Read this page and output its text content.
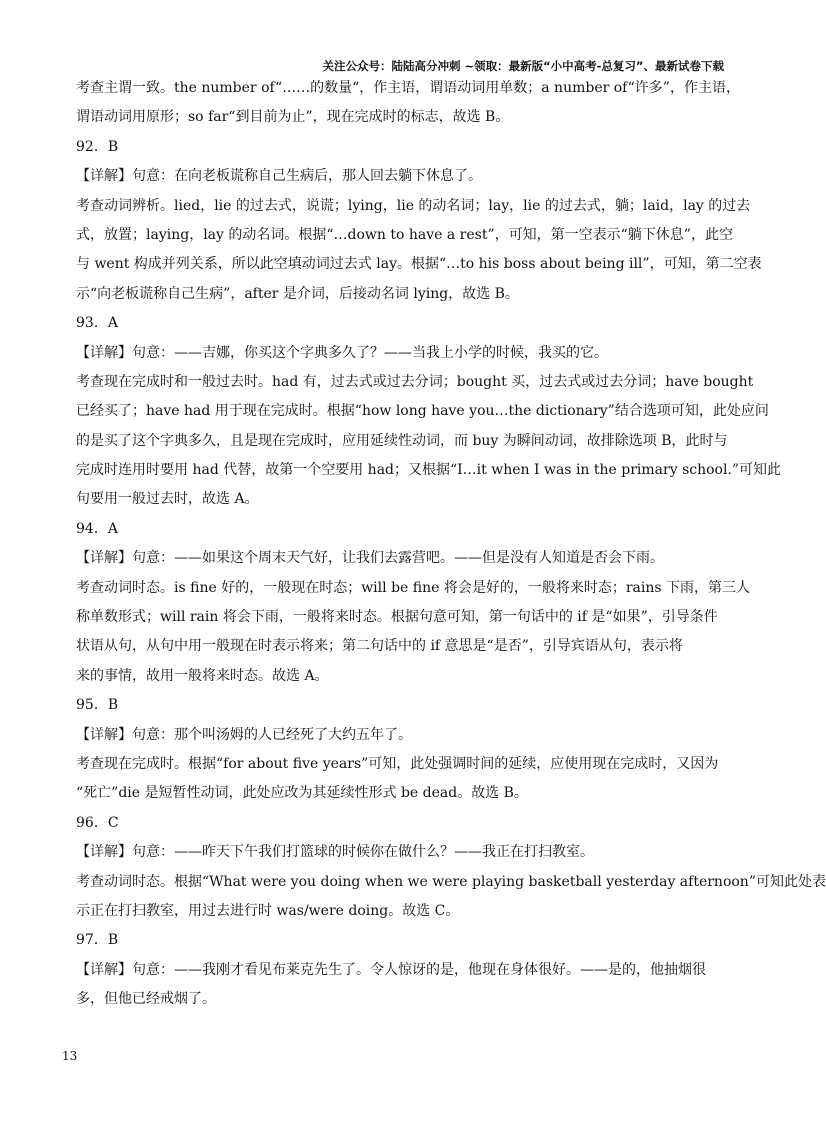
关注公众号：陆陆高分冲刺 ~领取：最新版“小中高考-总复习”、最新试卷下载
考查主谓一致。the number of“……的数量“，作主语，谓语动词用单数；a number of“许多”，作主语，
谓语动词用原形；so far“到目前为止”，现在完成时的标志，故选 B。
92．B
【详解】句意：在向老板谎称自己生病后，那人回去躺下休息了。
考查动词辨析。lied，lie 的过去式，说谎；lying，lie 的动名词；lay，lie 的过去式，躺；laid，lay 的过去
式，放置；laying，lay 的动名词。根据“…down to have a rest”，可知，第一空表示“躺下休息”，此空
与 went 构成并列关系，所以此空填动词过去式 lay。根据“…to his boss about being ill”，可知，第二空表
示“向老板谎称自己生病”，after 是介词，后接动名词 lying，故选 B。
93．A
【详解】句意：——吉娜，你买这个字典多久了？——当我上小学的时候，我买的它。
考查现在完成时和一般过去时。had 有，过去式或过去分词；bought 买，过去式或过去分词；have bought
已经买了；have had 用于现在完成时。根据“how long have you…the dictionary”结合选项可知，此处应问
的是买了这个字典多久，且是现在完成时，应用延续性动词，而 buy 为瞬间动词，故排除选项 B，此时与
完成时连用时要用 had 代替，故第一个空要用 had；又根据“I…it when I was in the primary school.”可知此
句要用一般过去时，故选 A。
94．A
【详解】句意：——如果这个周末天气好，让我们去露营吧。——但是没有人知道是否会下雨。
考查动词时态。is fine 好的，一般现在时态；will be fine 将会是好的，一般将来时态；rains 下雨，第三人
称单数形式；will rain 将会下雨，一般将来时态。根据句意可知，第一句话中的 if 是“如果”，引导条件
状语从句，从句中用一般现在时表示将来；第二句话中的 if 意思是“是否”，引导宾语从句，表示将
来的事情，故用一般将来时态。故选 A。
95．B
【详解】句意：那个叫汤姆的人已经死了大约五年了。
考查现在完成时。根据“for about five years”可知，此处强调时间的延续，应使用现在完成时，又因为
“死亡”die 是短暂性动词，此处应改为其延续性形式 be dead。故选 B。
96．C
【详解】句意：——昨天下午我们打篮球的时候你在做什么？——我正在打扫教室。
考查动词时态。根据“What were you doing when we were playing basketball yesterday afternoon”可知此处表
示正在打扫教室，用过去进行时 was/were doing。故选 C。
97．B
【详解】句意：——我刚才看见布莱克先生了。令人惊讶的是，他现在身体很好。——是的，他抽烟很
多，但他已经戒烟了。
13
